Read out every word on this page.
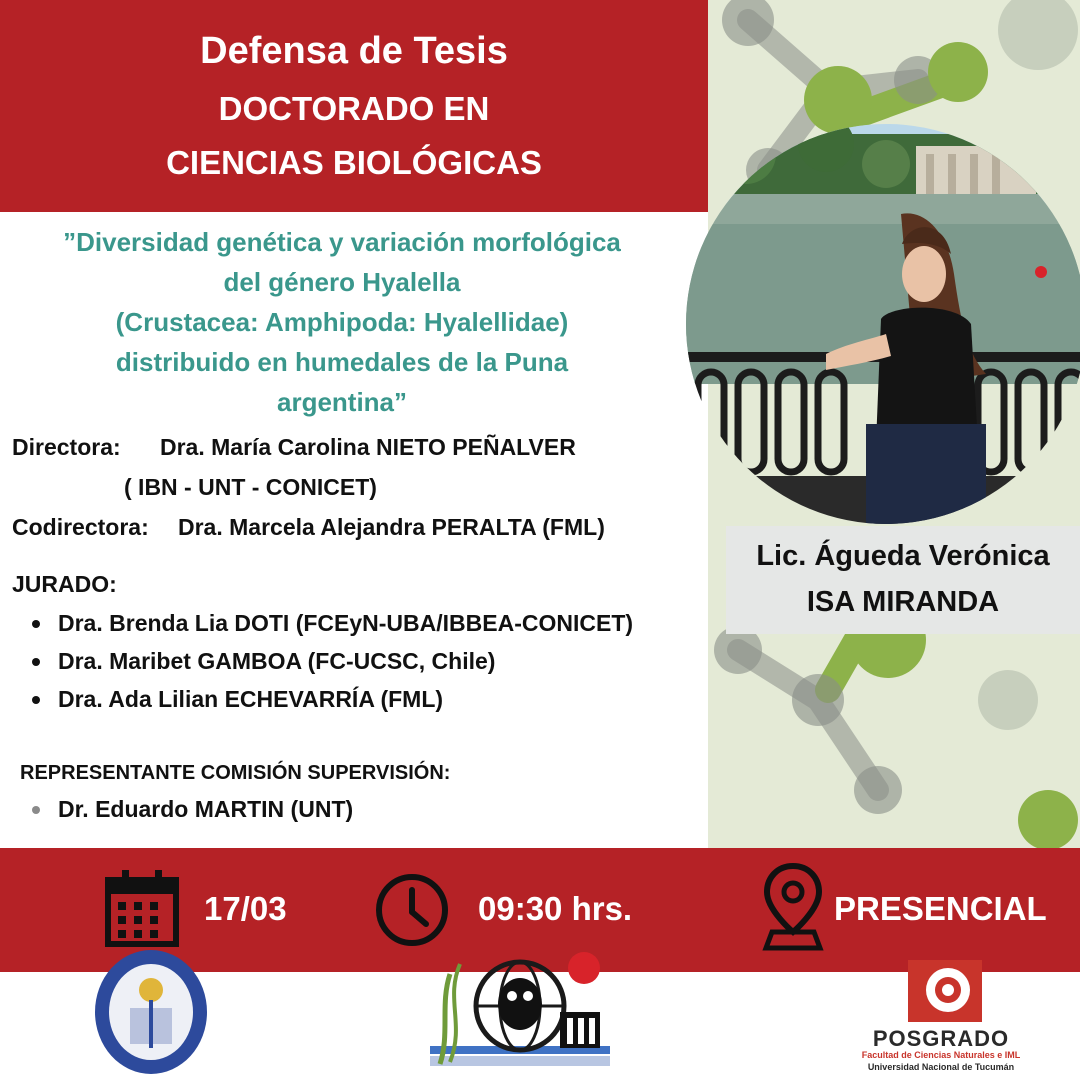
Defensa de Tesis
DOCTORADO EN
CIENCIAS BIOLÓGICAS
”Diversidad genética y variación morfológica
del género Hyalella
(Crustacea: Amphipoda: Hyalellidae)
distribuido en humedales de la Puna
argentina”
Directora: Dra. María Carolina NIETO PEÑALVER
( IBN - UNT - CONICET)
Codirectora: Dra. Marcela Alejandra PERALTA (FML)
JURADO:
Dra. Brenda Lia DOTI (FCEyN-UBA/IBBEA-CONICET)
Dra. Maribet GAMBOA (FC-UCSC, Chile)
Dra. Ada Lilian ECHEVARRÍA (FML)
REPRESENTANTE COMISIÓN SUPERVISIÓN:
Dr. Eduardo MARTIN (UNT)
Lic. Águeda Verónica
ISA MIRANDA
17/03	09:30 hrs.	PRESENCIAL
POSGRADO
Facultad de Ciencias Naturales e IML
Universidad Nacional de Tucumán
